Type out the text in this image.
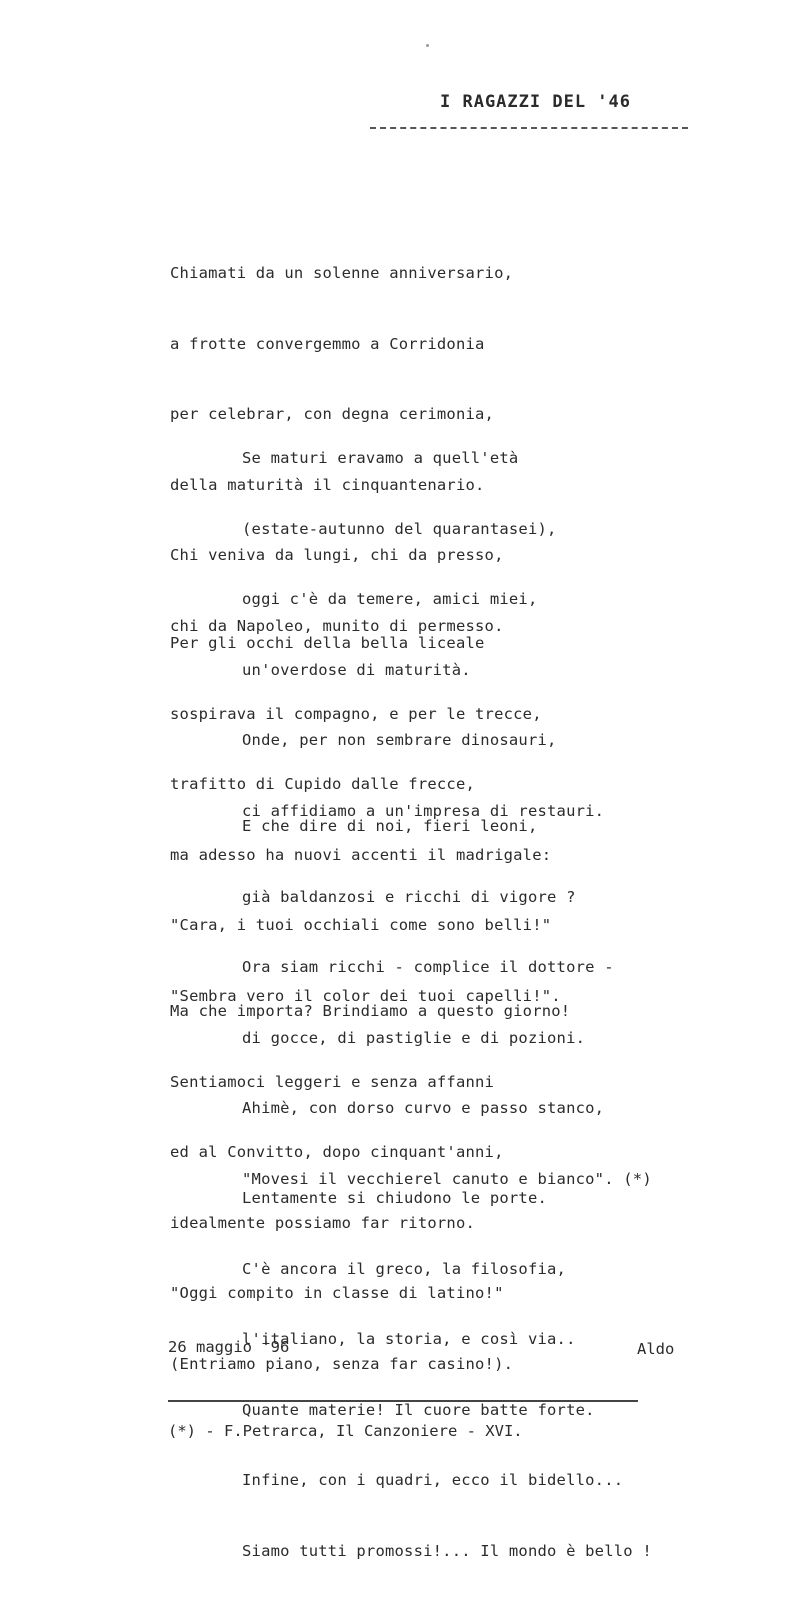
I RAGAZZI DEL '46

Chiamati da un solenne anniversario,

a frotte convergemmo a Corridonia

per celebrar, con degna cerimonia,

della maturità il cinquantenario.

Chi veniva da lungi, chi da presso,

chi da Napoleo, munito di permesso.

Se maturi eravamo a quell'età

(estate-autunno del quarantasei),

oggi c'è da temere, amici miei,

un'overdose di maturità.

Onde, per non sembrare dinosauri,

ci affidiamo a un'impresa di restauri.

Per gli occhi della bella liceale

sospirava il compagno, e per le trecce,

trafitto di Cupido dalle frecce,

ma adesso ha nuovi accenti il madrigale:

"Cara, i tuoi occhiali come sono belli!"

"Sembra vero il color dei tuoi capelli!".

E che dire di noi, fieri leoni,

già baldanzosi e ricchi di vigore ?

Ora siam ricchi - complice il dottore -

di gocce, di pastiglie e di pozioni.

Ahimè, con dorso curvo e passo stanco,

"Movesi il vecchierel canuto e bianco". (*)

Ma che importa? Brindiamo a questo giorno!

Sentiamoci leggeri e senza affanni

ed al Convitto, dopo cinquant'anni,

idealmente possiamo far ritorno.

"Oggi compito in classe di latino!"

(Entriamo piano, senza far casino!).

Lentamente si chiudono le porte.

C'è ancora il greco, la filosofia,

l'italiano, la storia, e così via..

Quante materie! Il cuore batte forte.

Infine, con i quadri, ecco il bidello...

Siamo tutti promossi!... Il mondo è bello !

26 maggio '96	Aldo
(*) - F.Petrarca, Il Canzoniere - XVI.
